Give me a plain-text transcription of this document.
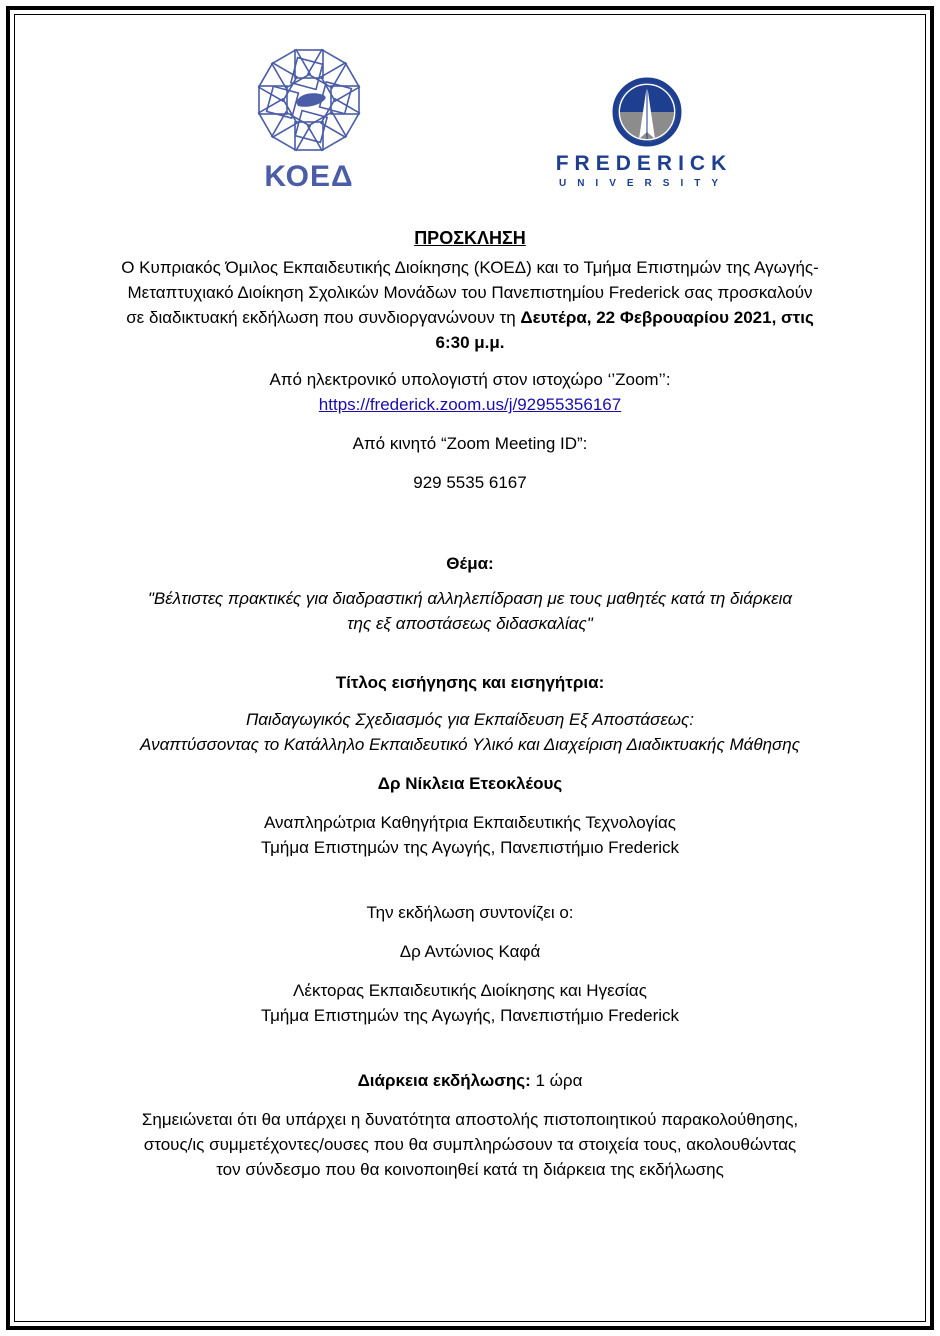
ΚΟΕΔ	FREDERICK
UNIVERSITY
ΠΡΟΣΚΛΗΣΗ

Ο Κυπριακός Όμιλος Εκπαιδευτικής Διοίκησης (ΚΟΕΔ) και το Τμήμα Επιστημών της Αγωγής-

Μεταπτυχιακό Διοίκηση Σχολικών Μονάδων του Πανεπιστημίου Frederick σας προσκαλούν

σε διαδικτυακή εκδήλωση που συνδιοργανώνουν τη Δευτέρα, 22 Φεβρουαρίου 2021, στις

6:30 μ.μ.

Από ηλεκτρονικό υπολογιστή στον ιστοχώρο ‘’Zoom’’:

https://frederick.zoom.us/j/92955356167

Από κινητό “Zoom Meeting ID”:

929 5535 6167

Θέμα:

"Βέλτιστες πρακτικές για διαδραστική αλληλεπίδραση με τους μαθητές κατά τη διάρκεια

της εξ αποστάσεως διδασκαλίας"

Τίτλος εισήγησης και εισηγήτρια:

Παιδαγωγικός Σχεδιασμός για Εκπαίδευση Εξ Αποστάσεως:

Αναπτύσσοντας το Κατάλληλο Εκπαιδευτικό Υλικό και Διαχείριση Διαδικτυακής Μάθησης

Δρ Νίκλεια Ετεοκλέους

Αναπληρώτρια Καθηγήτρια Εκπαιδευτικής Τεχνολογίας

Τμήμα Επιστημών της Αγωγής, Πανεπιστήμιο Frederick

Την εκδήλωση συντονίζει ο:

Δρ Αντώνιος Καφά

Λέκτορας Εκπαιδευτικής Διοίκησης και Ηγεσίας

Τμήμα Επιστημών της Αγωγής, Πανεπιστήμιο Frederick

Διάρκεια εκδήλωσης: 1 ώρα

Σημειώνεται ότι θα υπάρχει η δυνατότητα αποστολής πιστοποιητικού παρακολούθησης,

στους/ις συμμετέχοντες/ουσες που θα συμπληρώσουν τα στοιχεία τους, ακολουθώντας

τον σύνδεσμο που θα κοινοποιηθεί κατά τη διάρκεια της εκδήλωσης
